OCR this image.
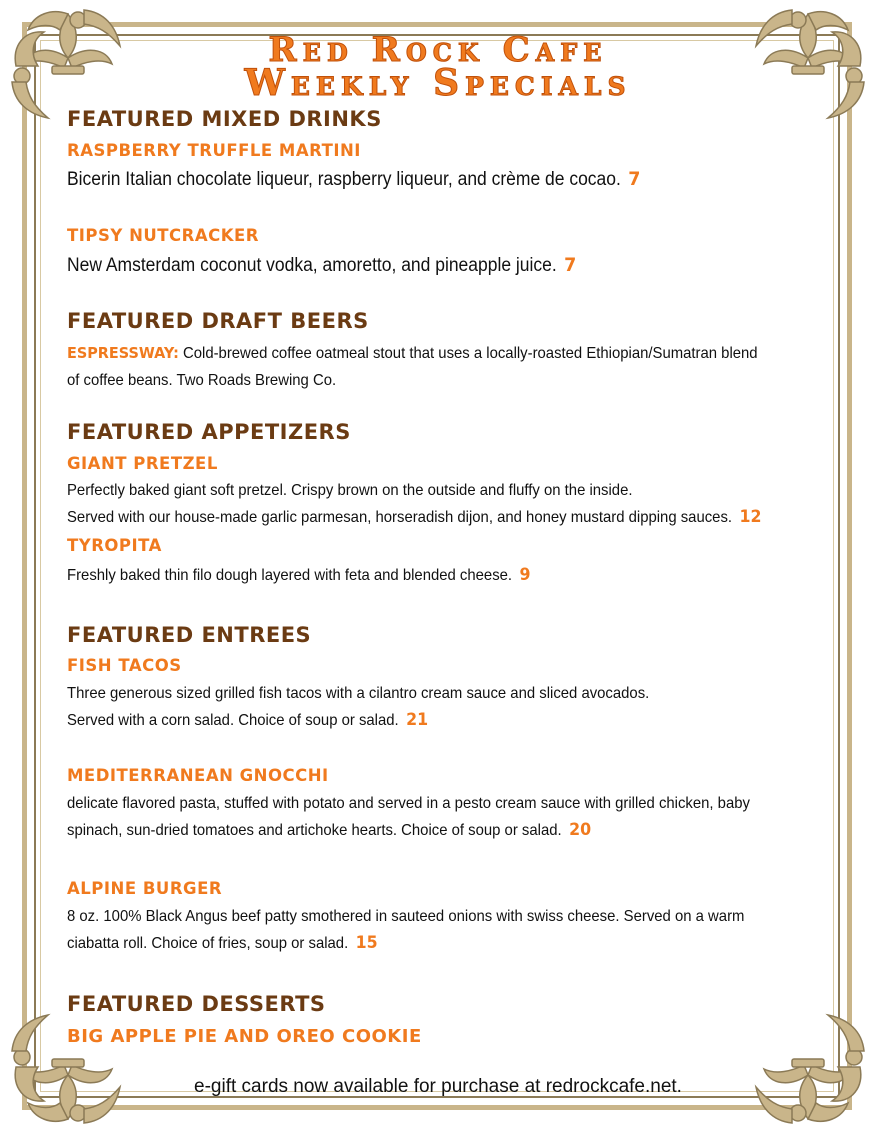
Red Rock Cafe
Weekly Specials
FEATURED MIXED DRINKS
RASPBERRY TRUFFLE MARTINI
Bicerin Italian chocolate liqueur, raspberry liqueur, and crème de cocao. 7
TIPSY NUTCRACKER
New Amsterdam coconut vodka, amoretto, and pineapple juice. 7
FEATURED DRAFT BEERS
ESPRESSWAY: Cold-brewed coffee oatmeal stout that uses a locally-roasted Ethiopian/Sumatran blend
of coffee beans. Two Roads Brewing Co.
FEATURED APPETIZERS
GIANT PRETZEL
Perfectly baked giant soft pretzel. Crispy brown on the outside and fluffy on the inside.
Served with our house-made garlic parmesan, horseradish dijon, and honey mustard dipping sauces. 12
TYROPITA
Freshly baked thin filo dough layered with feta and blended cheese. 9
FEATURED ENTREES
FISH TACOS
Three generous sized grilled fish tacos with a cilantro cream sauce and sliced avocados.
Served with a corn salad. Choice of soup or salad. 21
MEDITERRANEAN GNOCCHI
delicate flavored pasta, stuffed with potato and served in a pesto cream sauce with grilled chicken, baby
spinach, sun-dried tomatoes and artichoke hearts. Choice of soup or salad. 20
ALPINE BURGER
8 oz. 100% Black Angus beef patty smothered in sauteed onions with swiss cheese. Served on a warm
ciabatta roll. Choice of fries, soup or salad. 15
FEATURED DESSERTS
BIG APPLE PIE AND OREO COOKIE
e-gift cards now available for purchase at redrockcafe.net.
